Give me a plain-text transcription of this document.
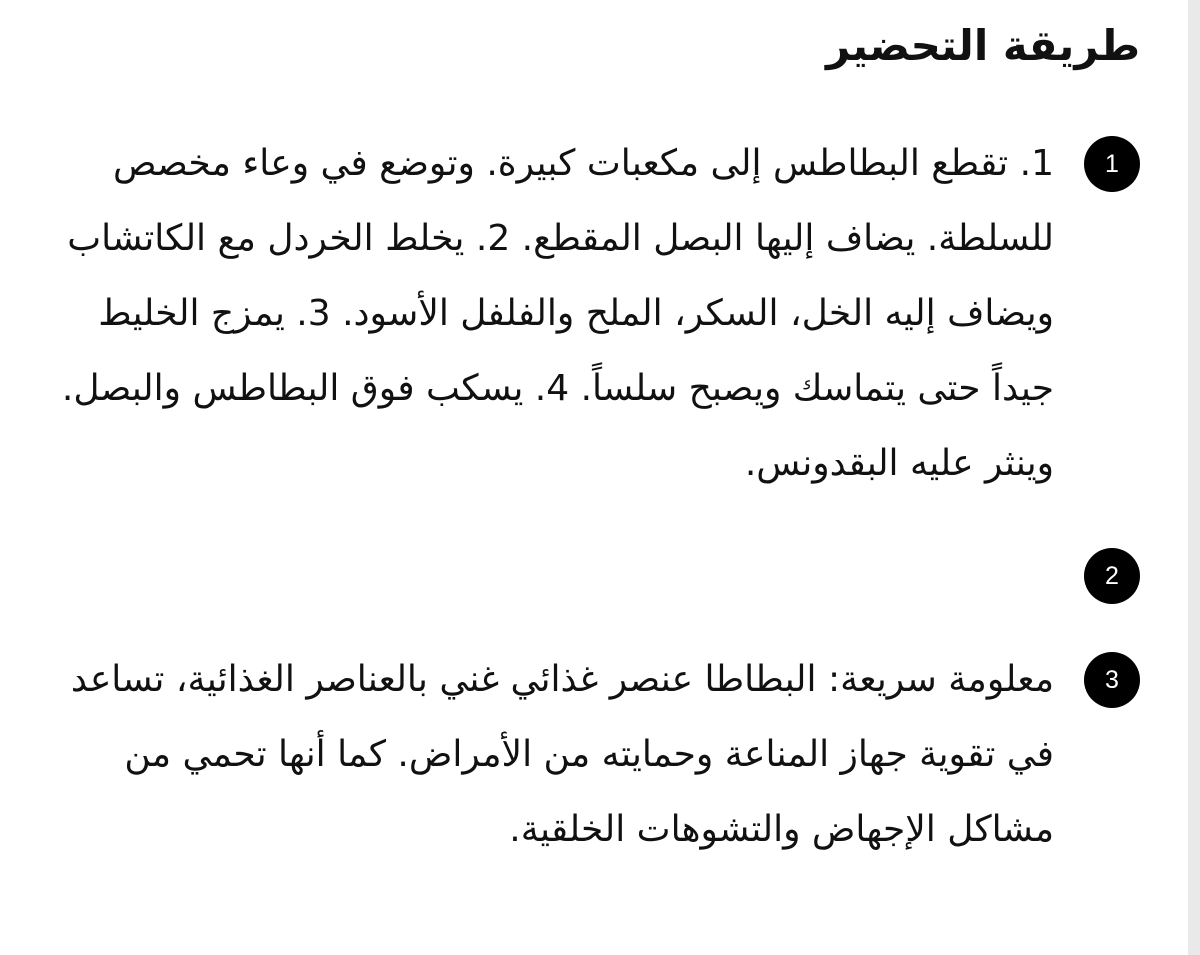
طريقة التحضير
1

1. تقطع البطاطس إلى مكعبات كبيرة. وتوضع في وعاء مخصص للسلطة. يضاف إليها البصل المقطع. 2. يخلط الخردل مع الكاتشاب ويضاف إليه الخل، السكر، الملح والفلفل الأسود. 3. يمزج الخليط جيداً حتى يتماسك ويصبح سلساً. 4. يسكب فوق البطاطس والبصل. وينثر عليه البقدونس.

2
3

معلومة سريعة: البطاطا عنصر غذائي غني بالعناصر الغذائية، تساعد في تقوية جهاز المناعة وحمايته من الأمراض. كما أنها تحمي من مشاكل الإجهاض والتشوهات الخلقية.
